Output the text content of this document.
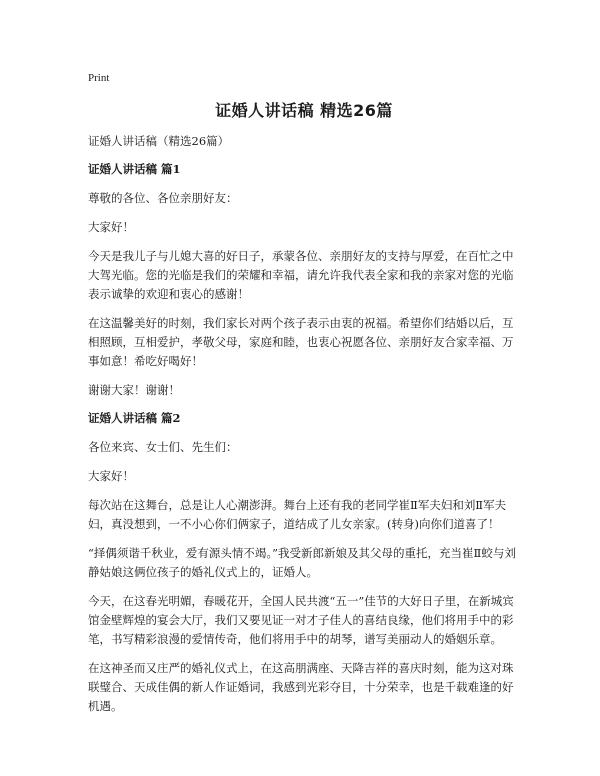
Print
证婚人讲话稿 精选26篇

证婚人讲话稿（精选26篇）

证婚人讲话稿 篇1

尊敬的各位、各位亲朋好友：

大家好！

今天是我儿子与儿媳大喜的好日子，承蒙各位、亲朋好友的支持与厚爱，在百忙之中大驾光临。您的光临是我们的荣耀和幸福，请允许我代表全家和我的亲家对您的光临表示诚挚的欢迎和衷心的感谢！

在这温馨美好的时刻，我们家长对两个孩子表示由衷的祝福。希望你们结婚以后，互相照顾，互相爱护，孝敬父母，家庭和睦，也衷心祝愿各位、亲朋好友合家幸福、万事如意！希吃好喝好！

谢谢大家！谢谢！

证婚人讲话稿 篇2

各位来宾、女士们、先生们：

大家好！

每次站在这舞台，总是让人心潮澎湃。舞台上还有我的老同学崔Ⅱ军夫妇和刘Ⅱ军夫妇，真没想到，一不小心你们俩家子，道结成了儿女亲家。(转身)向你们道喜了！

“择偶须谐千秋业，爱有源头情不竭。”我受新郎新娘及其父母的重托，充当崔Ⅱ蛟与刘静姑娘这俩位孩子的婚礼仪式上的，证婚人。

今天，在这春光明媚，春暖花开，全国人民共渡“五一”佳节的大好日子里，在新城宾馆金壁辉煌的宴会大厅，我们又要见证一对才子佳人的喜结良缘，他们将用手中的彩笔，书写精彩浪漫的爱情传奇，他们将用手中的胡琴，谱写美丽动人的婚姻乐章。

在这神圣而又庄严的婚礼仪式上，在这高朋满座、天降吉祥的喜庆时刻，能为这对珠联璧合、天成佳偶的新人作证婚词，我感到光彩夺目，十分荣幸，也是千载难逢的好机遇。
